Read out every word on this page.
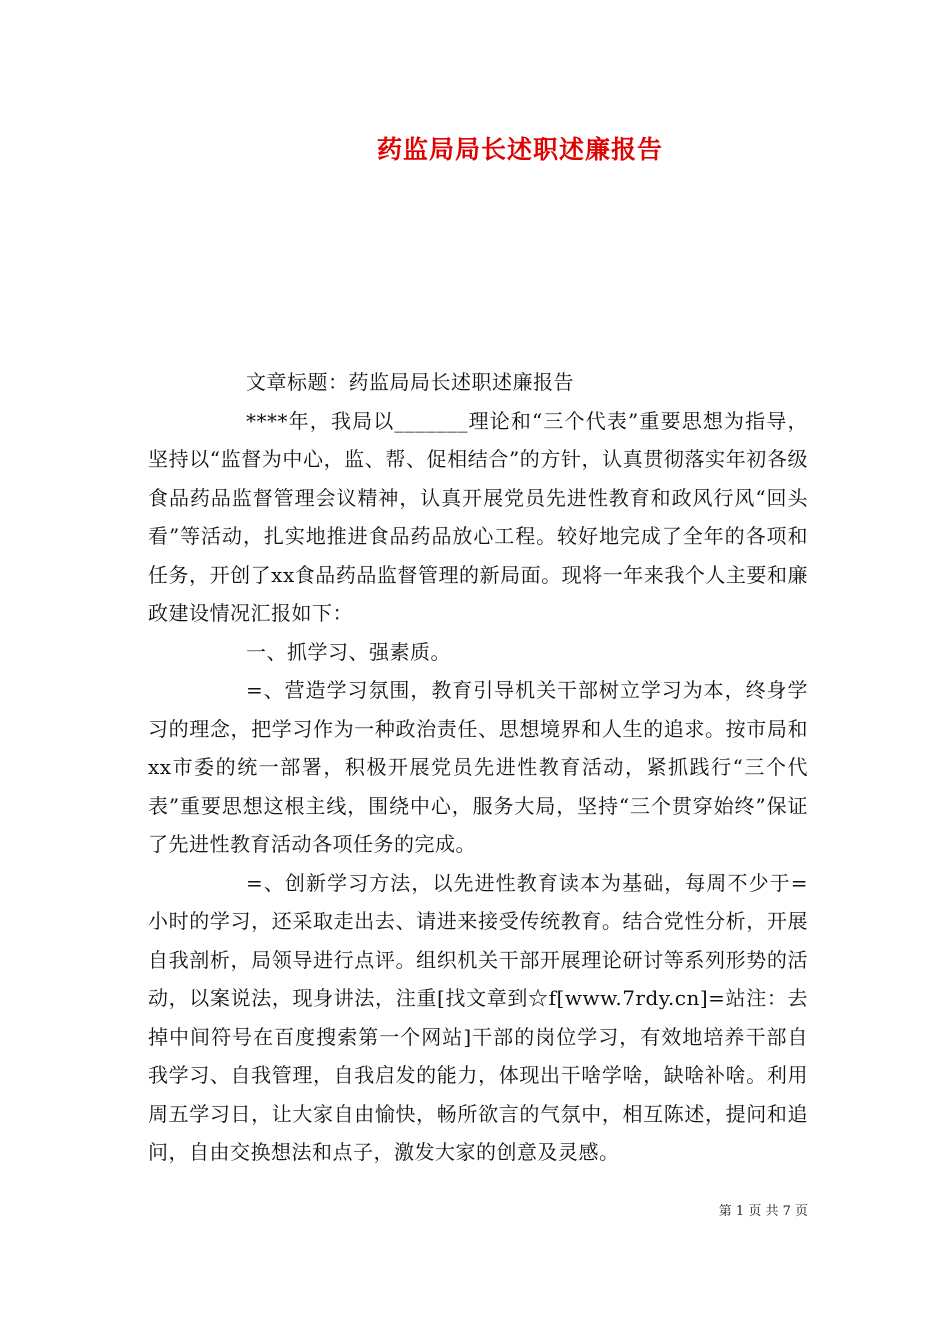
药监局局长述职述廉报告

文章标题：药监局局长述职述廉报告

****年，我局以_______理论和“三个代表”重要思想为指导，坚持以“监督为中心，监、帮、促相结合”的方针，认真贯彻落实年初各级食品药品监督管理会议精神，认真开展党员先进性教育和政风行风“回头看”等活动，扎实地推进食品药品放心工程。较好地完成了全年的各项和任务，开创了xx食品药品监督管理的新局面。现将一年来我个人主要和廉政建设情况汇报如下：

一、抓学习、强素质。

=、营造学习氛围，教育引导机关干部树立学习为本，终身学习的理念，把学习作为一种政治责任、思想境界和人生的追求。按市局和xx市委的统一部署，积极开展党员先进性教育活动，紧抓践行“三个代表”重要思想这根主线，围绕中心，服务大局，坚持“三个贯穿始终”保证了先进性教育活动各项任务的完成。

=、创新学习方法，以先进性教育读本为基础，每周不少于=小时的学习，还采取走出去、请进来接受传统教育。结合党性分析，开展自我剖析，局领导进行点评。组织机关干部开展理论研讨等系列形势的活动，以案说法，现身讲法，注重[找文章到☆f[www.7rdy.cn]=站注：去掉中间符号在百度搜索第一个网站]干部的岗位学习，有效地培养干部自我学习、自我管理，自我启发的能力，体现出干啥学啥，缺啥补啥。利用周五学习日，让大家自由愉快，畅所欲言的气氛中，相互陈述，提问和追问，自由交换想法和点子，激发大家的创意及灵感。

第 1 页 共 7 页
